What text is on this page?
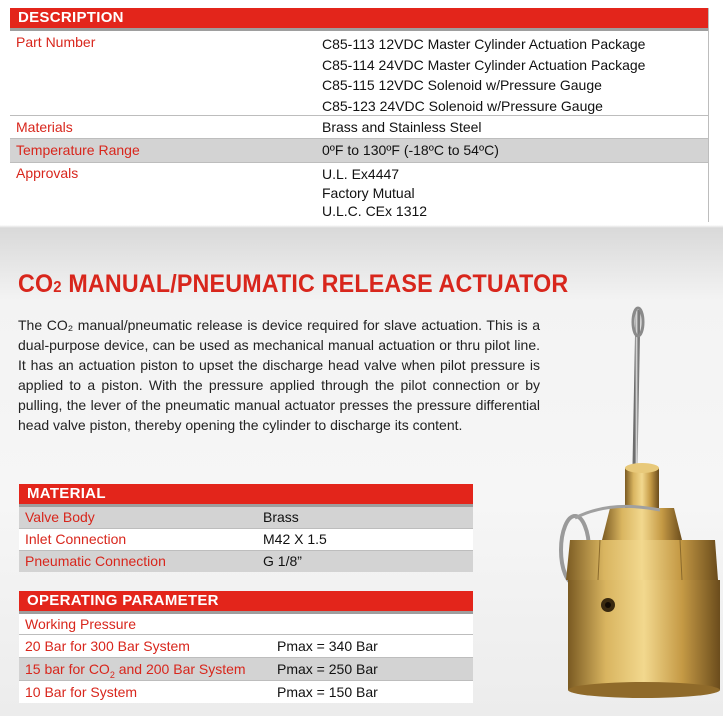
DESCRIPTION
Part Number	C85-113 12VDC Master Cylinder Actuation Package
C85-114 24VDC Master Cylinder Actuation Package
C85-115 12VDC Solenoid w/Pressure Gauge
C85-123 24VDC Solenoid w/Pressure Gauge
Materials	Brass and Stainless Steel
Temperature Range	0ºF to 130ºF (-18ºC to 54ºC)
Approvals	U.L. Ex4447
Factory Mutual
U.L.C. CEx 1312
CO2 MANUAL/PNEUMATIC RELEASE ACTUATOR
The CO₂ manual/pneumatic release is device required for slave actuation. This is a dual-purpose device, can be used as mechanical manual actuation or thru pilot line. It has an actuation piston to upset the discharge head valve when pilot pressure is applied to a piston. With the pressure applied through the pilot connection or by pulling, the lever of the pneumatic manual actuator presses the pressure differential head valve piston, thereby opening the cylinder to discharge its content.
MATERIAL
Valve Body	Brass
Inlet Connection	M42 X 1.5
Pneumatic Connection	G 1/8”
OPERATING PARAMETER
Working Pressure
20 Bar for 300 Bar System	Pmax = 340 Bar
15 bar for $CO_2$ and 200 Bar System Pmax = 250 Bar
10 Bar for System	Pmax = 150 Bar
